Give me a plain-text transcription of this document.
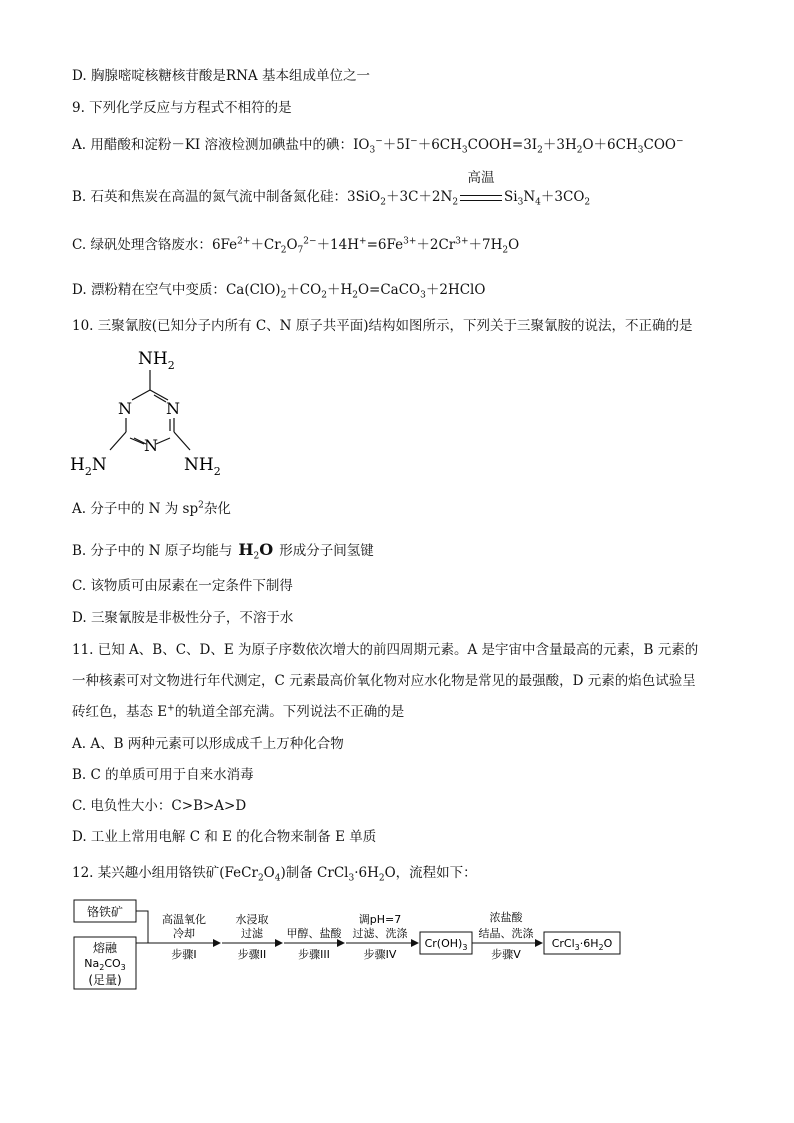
D. 胸腺嘧啶核糖核苷酸是RNA 基本组成单位之一
9. 下列化学反应与方程式不相符的是
A. 用醋酸和淀粉－KI 溶液检测加碘盐中的碘：$IO_3^-+5I^-+6CH_3COOH=3I_2+3H_2O+6CH_3COO^-$
B. 石英和焦炭在高温的氮气流中制备氮化硅：$3SiO_2+3C+2N_2$
高温
$Si_3N_4+3CO_2$
C. 绿矾处理含铬废水：$6Fe^{2+}+Cr_2O_7^{2-}+14H^+=6Fe^{3+}+2Cr^{3+}+7H_2O$
D. 漂粉精在空气中变质：$Ca(ClO)_2+CO_2+H_2O=CaCO_3+2HClO$
10. 三聚氰胺(已知分子内所有 C、N 原子共平面)结构如图所示，下列关于三聚氰胺的说法，不正确的是
$NH_2$
N
N
N
$H_2N$	$NH_2$
A. 分子中的 N 为 $sp^2$杂化
B. 分子中的 N 原子均能与 $H_2O$ 形成分子间氢键
C. 该物质可由尿素在一定条件下制得
D. 三聚氰胺是非极性分子，不溶于水
11. 已知 A、B、C、D、E 为原子序数依次增大的前四周期元素。A 是宇宙中含量最高的元素，B 元素的
一种核素可对文物进行年代测定，C 元素最高价氧化物对应水化物是常见的最强酸，D 元素的焰色试验呈
砖红色，基态 E+的轨道全部充满。下列说法不正确的是
A. A、B 两种元素可以形成成千上万种化合物
B. C 的单质可用于自来水消毒
C. 电负性大小：C>B>A>D
D. 工业上常用电解 C 和 E 的化合物来制备 E 单质
12. 某兴趣小组用铬铁矿$(FeCr_2O_4)$制备 $CrCl_3\cdot 6H_2O$，流程如下：
铬铁矿
熔融
$Na_2CO_3$
(足量)
高温氧化
冷却
步骤I
水浸取
过滤
步骤II
甲醇、盐酸
步骤III
调pH=7
过滤、洗涤
步骤IV
$Cr(OH)_3$
浓盐酸
结晶、洗涤
步骤V
$CrCl_3\cdot 6H_2O$
